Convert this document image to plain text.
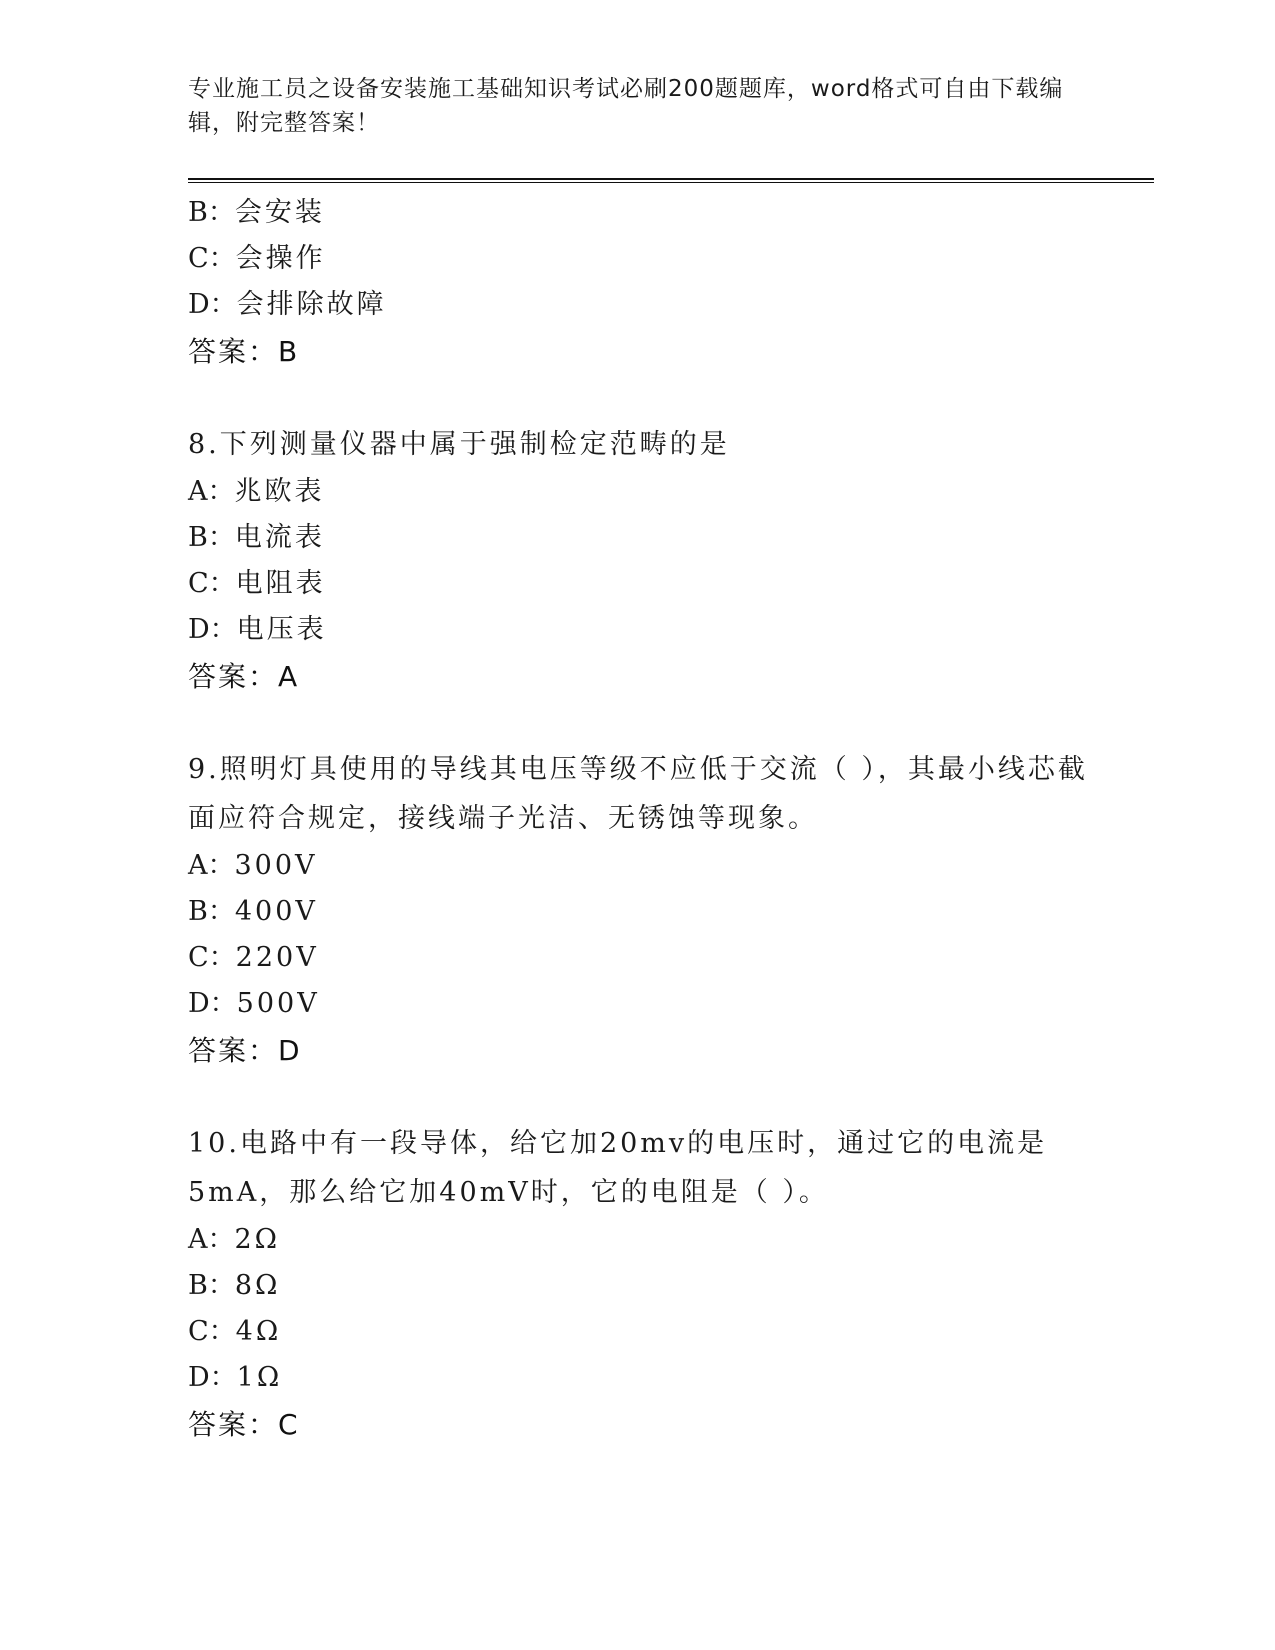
专业施工员之设备安装施工基础知识考试必刷200题题库，word格式可自由下载编辑，附完整答案！
B：会安装
C：会操作
D：会排除故障
答案：B
8.下列测量仪器中属于强制检定范畴的是
A：兆欧表
B：电流表
C：电阻表
D：电压表
答案：A
9.照明灯具使用的导线其电压等级不应低于交流（ ），其最小线芯截面应符合规定，接线端子光洁、无锈蚀等现象。
A：300V
B：400V
C：220V
D：500V
答案：D
10.电路中有一段导体，给它加20mv的电压时，通过它的电流是5mA，那么给它加40mV时，它的电阻是（ ）。
A：2Ω
B：8Ω
C：4Ω
D：1Ω
答案：C
